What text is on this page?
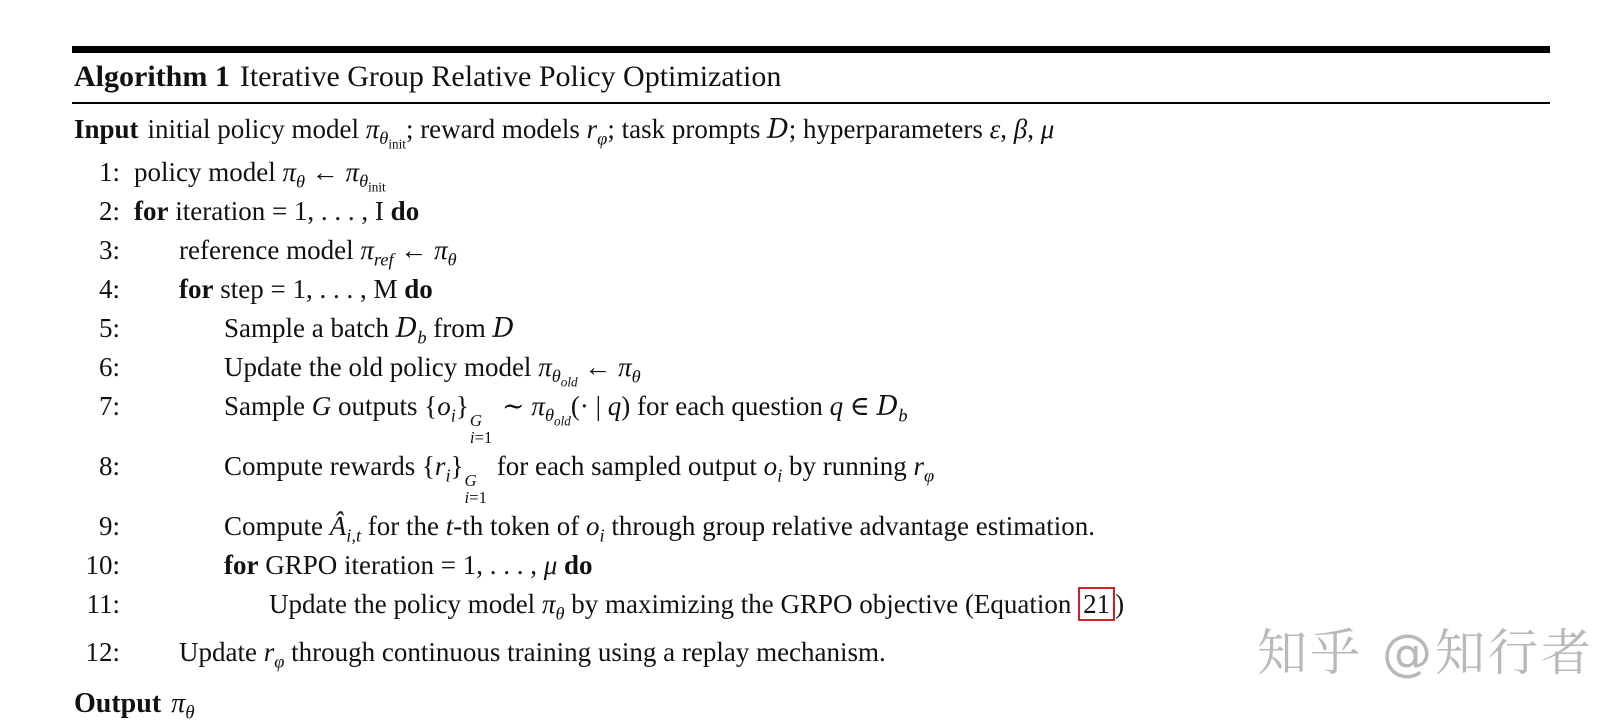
Algorithm 1 Iterative Group Relative Policy Optimization
Input initial policy model $\pi_{\theta_{init}}$; reward models $r_\varphi$; task prompts D; hyperparameters ε, β, μ
1: policy model $\pi_\theta$ ← $\pi_{\theta_{init}}$
2: for iteration = 1, . . . , I do
3: reference model $\pi_{ref}$ ← $\pi_\theta$
4: for step = 1, . . . , M do
5:	Sample a batch $D_b$ from D
6:	Update the old policy model $\pi_{\theta_{old}}$ ← $\pi_\theta$
7:	Sample G outputs $\{o_i\}$ G
i=1
∼ $\pi_{\theta_{old}}(\cdot$ | q) for each question q ∈ $D_b$
8:	Compute rewards $\{r_i\}$ G
i=1
for each sampled output $o_i$ by running $r_\varphi$
9:	Compute $Â_{i,t}$ for the t-th token of $o_i$ through group relative advantage estimation.
10:	for GRPO iteration = 1, . . . , μ do
11:	Update the policy model $\pi_\theta$ by maximizing the GRPO objective (Equation 21 )
12: Update $r_\varphi$ through continuous training using a replay mechanism.
Output $\pi_\theta$
知乎 @知行者
